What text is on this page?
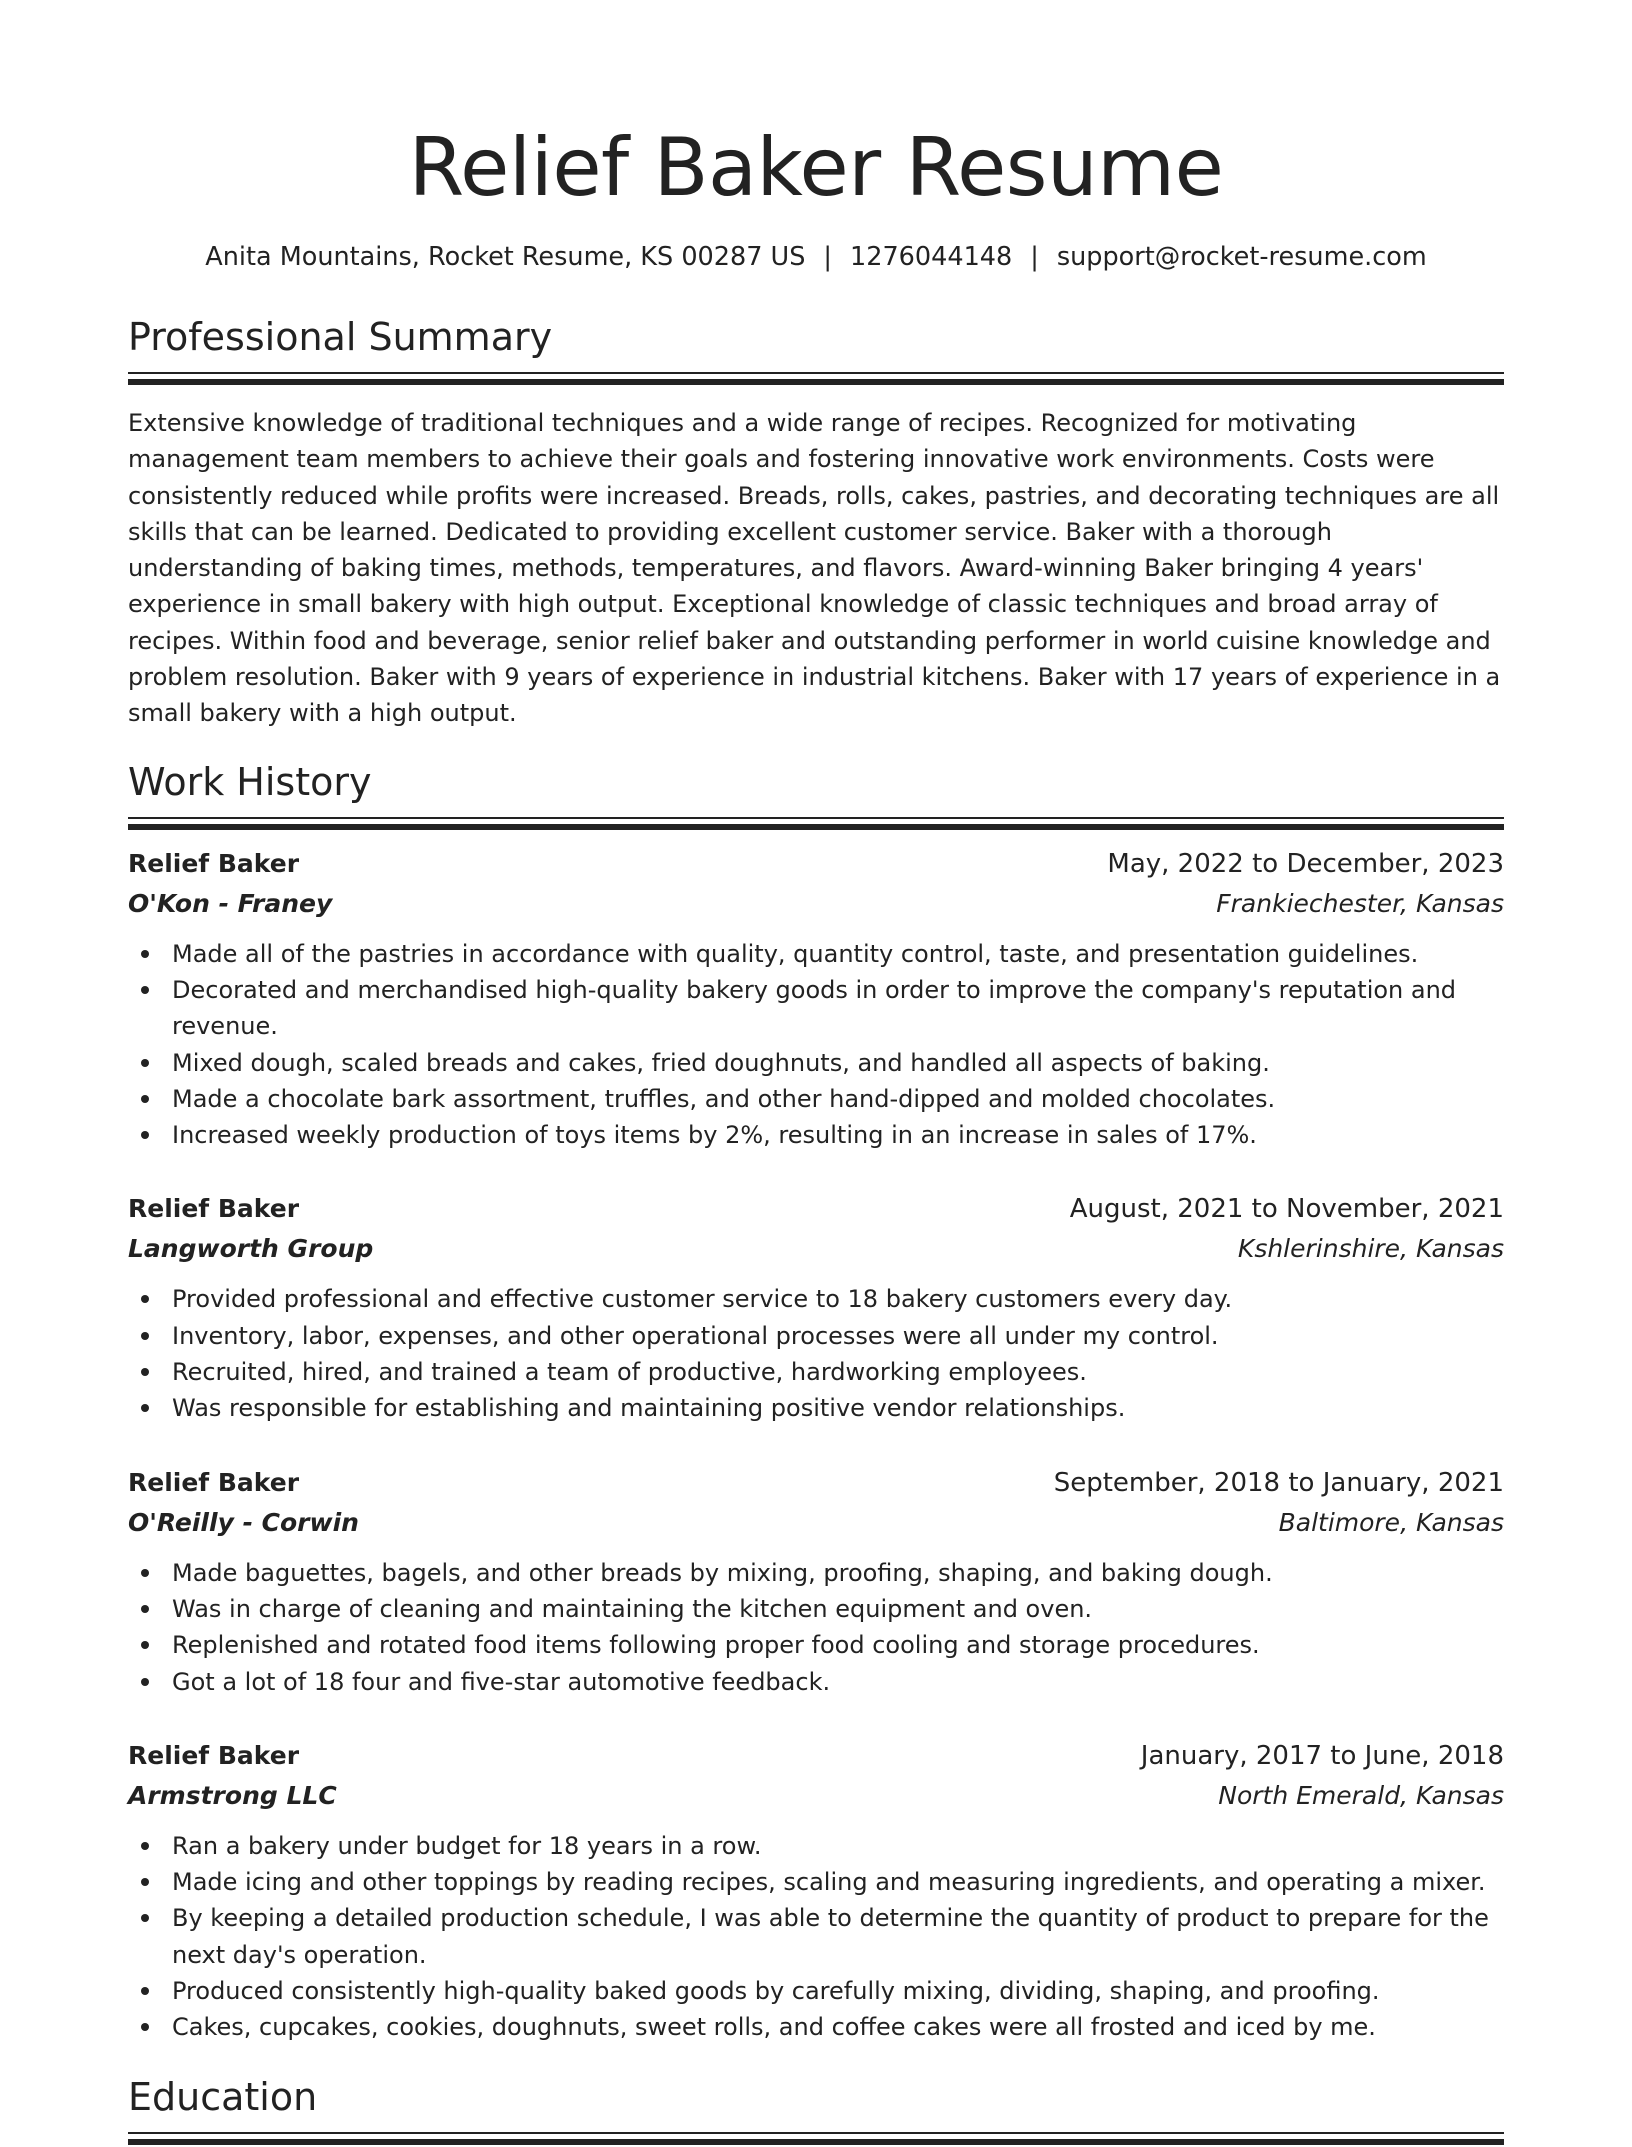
Relief Baker Resume
Anita Mountains, Rocket Resume, KS 00287 US | 1276044148 | support@rocket-resume.com
Professional Summary
Extensive knowledge of traditional techniques and a wide range of recipes. Recognized for motivating management team members to achieve their goals and fostering innovative work environments. Costs were consistently reduced while profits were increased. Breads, rolls, cakes, pastries, and decorating techniques are all skills that can be learned. Dedicated to providing excellent customer service. Baker with a thorough understanding of baking times, methods, temperatures, and flavors. Award-winning Baker bringing 4 years' experience in small bakery with high output. Exceptional knowledge of classic techniques and broad array of recipes. Within food and beverage, senior relief baker and outstanding performer in world cuisine knowledge and problem resolution. Baker with 9 years of experience in industrial kitchens. Baker with 17 years of experience in a small bakery with a high output.
Work History
Relief Baker	May, 2022 to December, 2023
O'Kon - Franey	Frankiechester, Kansas
Made all of the pastries in accordance with quality, quantity control, taste, and presentation guidelines.
Decorated and merchandised high-quality bakery goods in order to improve the company's reputation and revenue.
Mixed dough, scaled breads and cakes, fried doughnuts, and handled all aspects of baking.
Made a chocolate bark assortment, truffles, and other hand-dipped and molded chocolates.
Increased weekly production of toys items by 2%, resulting in an increase in sales of 17%.
Relief Baker	August, 2021 to November, 2021
Langworth Group	Kshlerinshire, Kansas
Provided professional and effective customer service to 18 bakery customers every day.
Inventory, labor, expenses, and other operational processes were all under my control.
Recruited, hired, and trained a team of productive, hardworking employees.
Was responsible for establishing and maintaining positive vendor relationships.
Relief Baker	September, 2018 to January, 2021
O'Reilly - Corwin	Baltimore, Kansas
Made baguettes, bagels, and other breads by mixing, proofing, shaping, and baking dough.
Was in charge of cleaning and maintaining the kitchen equipment and oven.
Replenished and rotated food items following proper food cooling and storage procedures.
Got a lot of 18 four and five-star automotive feedback.
Relief Baker	January, 2017 to June, 2018
Armstrong LLC	North Emerald, Kansas
Ran a bakery under budget for 18 years in a row.
Made icing and other toppings by reading recipes, scaling and measuring ingredients, and operating a mixer.
By keeping a detailed production schedule, I was able to determine the quantity of product to prepare for the next day's operation.
Produced consistently high-quality baked goods by carefully mixing, dividing, shaping, and proofing.
Cakes, cupcakes, cookies, doughnuts, sweet rolls, and coffee cakes were all frosted and iced by me.
Education
